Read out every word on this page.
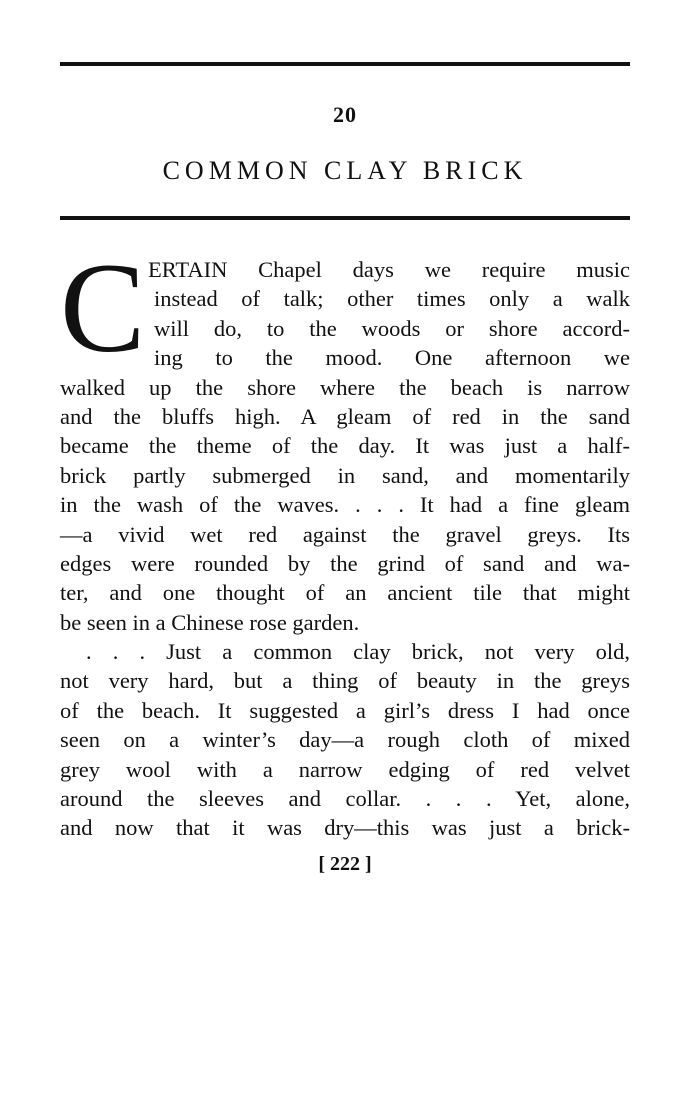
20
COMMON CLAY BRICK
C ERTAIN Chapel days we require music
instead of talk; other times only a walk
will do, to the woods or shore accord-
ing to the mood. One afternoon we
walked up the shore where the beach is narrow
and the bluffs high. A gleam of red in the sand
became the theme of the day. It was just a half-
brick partly submerged in sand, and momentarily
in the wash of the waves. . . . It had a fine gleam
—a vivid wet red against the gravel greys. Its
edges were rounded by the grind of sand and wa-
ter, and one thought of an ancient tile that might
be seen in a Chinese rose garden.
. . . Just a common clay brick, not very old,
not very hard, but a thing of beauty in the greys
of the beach. It suggested a girl’s dress I had once
seen on a winter’s day—a rough cloth of mixed
grey wool with a narrow edging of red velvet
around the sleeves and collar. . . . Yet, alone,
and now that it was dry—this was just a brick-
[ 222 ]
